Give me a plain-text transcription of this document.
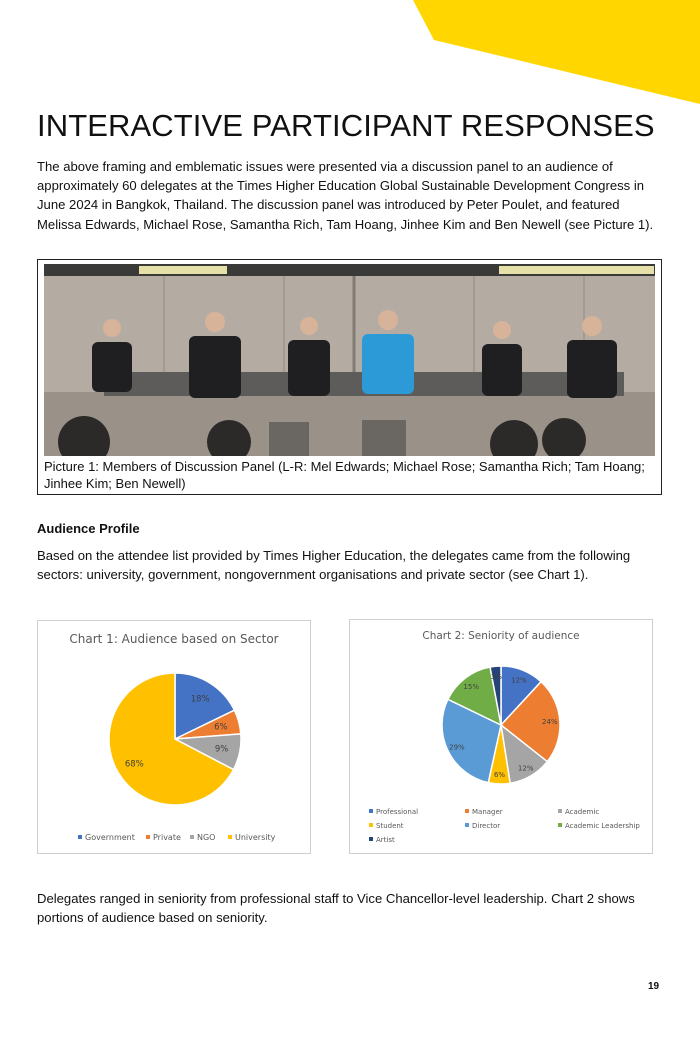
INTERACTIVE PARTICIPANT RESPONSES

The above framing and emblematic issues were presented via a discussion panel to an audience of approximately 60 delegates at the Times Higher Education Global Sustainable Development Congress in June 2024 in Bangkok, Thailand. The discussion panel was introduced by Peter Poulet, and featured Melissa Edwards, Michael Rose, Samantha Rich, Tam Hoang, Jinhee Kim and Ben Newell (see Picture 1).

Picture 1: Members of Discussion Panel (L-R: Mel Edwards; Michael Rose; Samantha Rich; Tam Hoang; Jinhee Kim; Ben Newell)

Audience Profile

Based on the attendee list provided by Times Higher Education, the delegates came from the following sectors: university, government, nongovernment organisations and private sector (see Chart 1).

Chart 1: Audience based on Sector
18%
6%
9%
68%
Government Private NGO University
Chart 2: Seniority of audience
12%
24%
12%
6%
29%
15%
3%
Professional	Manager	Academic
Student	Director	Academic Leadership
Artist

Delegates ranged in seniority from professional staff to Vice Chancellor-level leadership. Chart 2 shows portions of audience based on seniority.

19
